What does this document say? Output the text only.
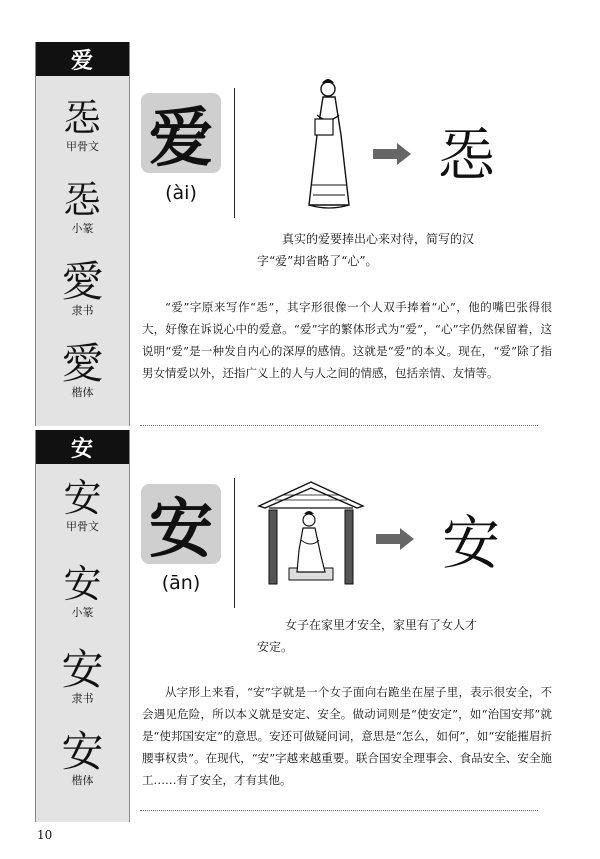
爱
㤅
甲骨文
㤅
小篆
愛
隶书
愛
楷体
安
安
甲骨文
安
小篆
安
隶书
安
楷体
爱
(ài)
㤅
真实的爱要捧出心来对待，简写的汉
字“爱”却省略了“心”。
“爱”字原来写作“㤅”，其字形很像一个人双手捧着“心”，他的嘴巴张得很大，好像在诉说心中的爱意。“爱”字的繁体形式为“爱”，“心”字仍然保留着，这说明“爱”是一种发自内心的深厚的感情。这就是“爱”的本义。现在，“爱”除了指男女情爱以外，还指广义上的人与人之间的情感，包括亲情、友情等。
安
(ān)
安
女子在家里才安全，家里有了女人才
安定。
从字形上来看，“安”字就是一个女子面向右跪坐在屋子里，表示很安全，不会遇见危险，所以本义就是安定、安全。做动词则是“使安定”，如“治国安邦”就是“使邦国安定”的意思。安还可做疑问词，意思是“怎么，如何”，如“安能摧眉折腰事权贵”。在现代，“安”字越来越重要。联合国安全理事会、食品安全、安全施工……有了安全，才有其他。
10
